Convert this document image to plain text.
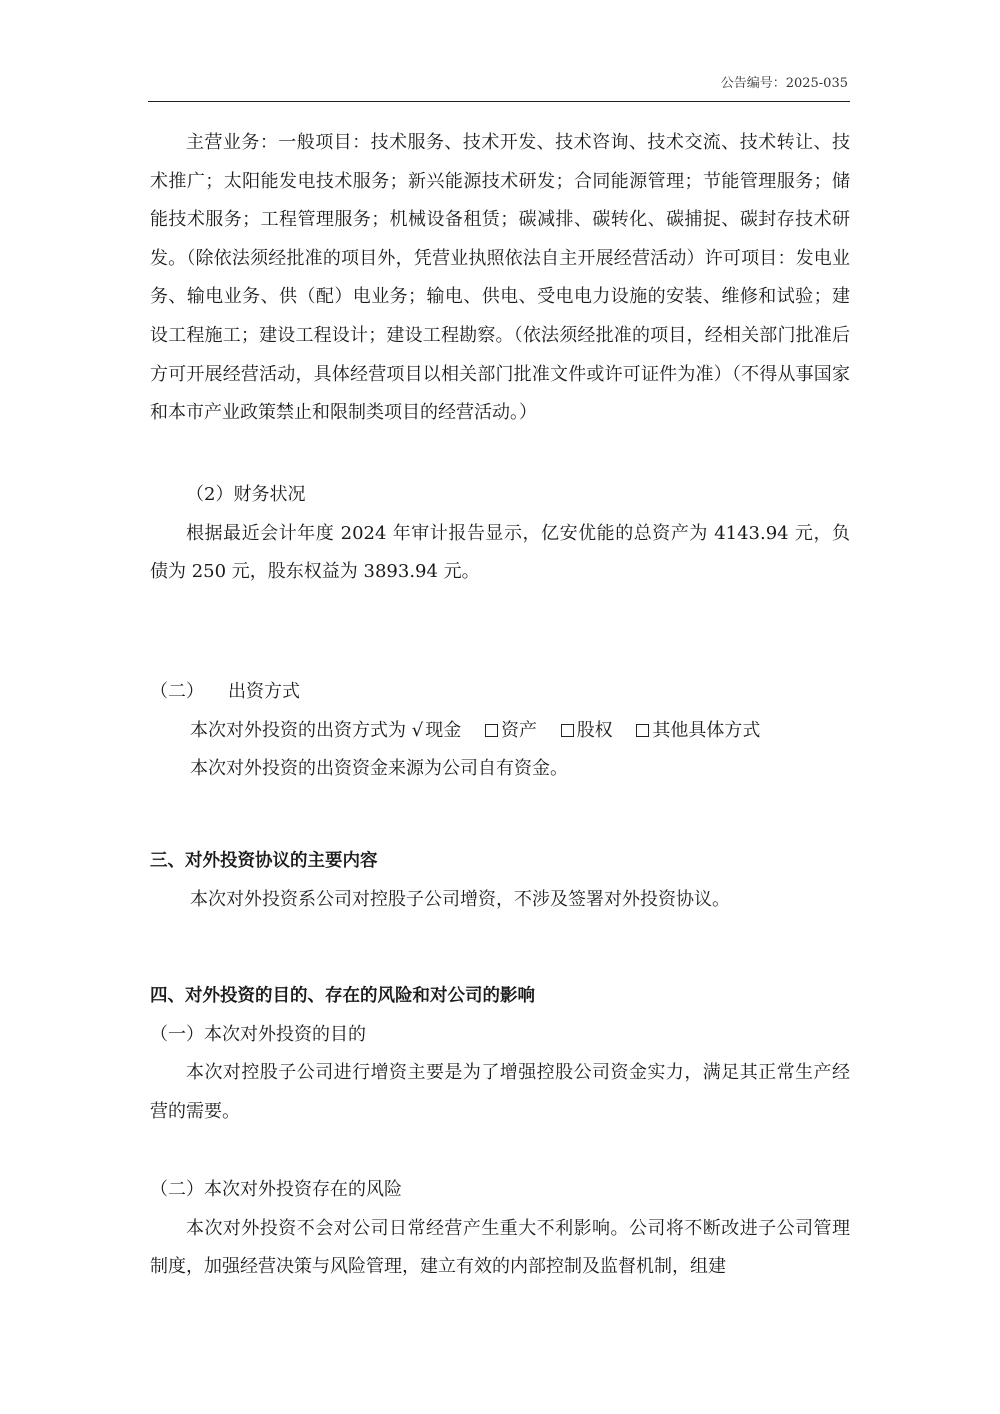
公告编号：2025-035

主营业务：一般项目：技术服务、技术开发、技术咨询、技术交流、技术转让、技术推广；太阳能发电技术服务；新兴能源技术研发；合同能源管理；节能管理服务；储能技术服务；工程管理服务；机械设备租赁；碳减排、碳转化、碳捕捉、碳封存技术研发。（除依法须经批准的项目外，凭营业执照依法自主开展经营活动）许可项目：发电业务、输电业务、供（配）电业务；输电、供电、受电电力设施的安装、维修和试验；建设工程施工；建设工程设计；建设工程勘察。（依法须经批准的项目，经相关部门批准后方可开展经营活动，具体经营项目以相关部门批准文件或许可证件为准）（不得从事国家和本市产业政策禁止和限制类项目的经营活动。）

（2）财务状况

根据最近会计年度 2024 年审计报告显示，亿安优能的总资产为 4143.94 元，负债为 250 元，股东权益为 3893.94 元。

（二） 出资方式

本次对外投资的出资方式为 √ 现金 资产 股权 其他具体方式

本次对外投资的出资资金来源为公司自有资金。

三、对外投资协议的主要内容

本次对外投资系公司对控股子公司增资，不涉及签署对外投资协议。

四、对外投资的目的、存在的风险和对公司的影响

（一）本次对外投资的目的

本次对控股子公司进行增资主要是为了增强控股公司资金实力，满足其正常生产经营的需要。

（二）本次对外投资存在的风险

本次对外投资不会对公司日常经营产生重大不利影响。公司将不断改进子公司管理制度，加强经营决策与风险管理，建立有效的内部控制及监督机制，组建
